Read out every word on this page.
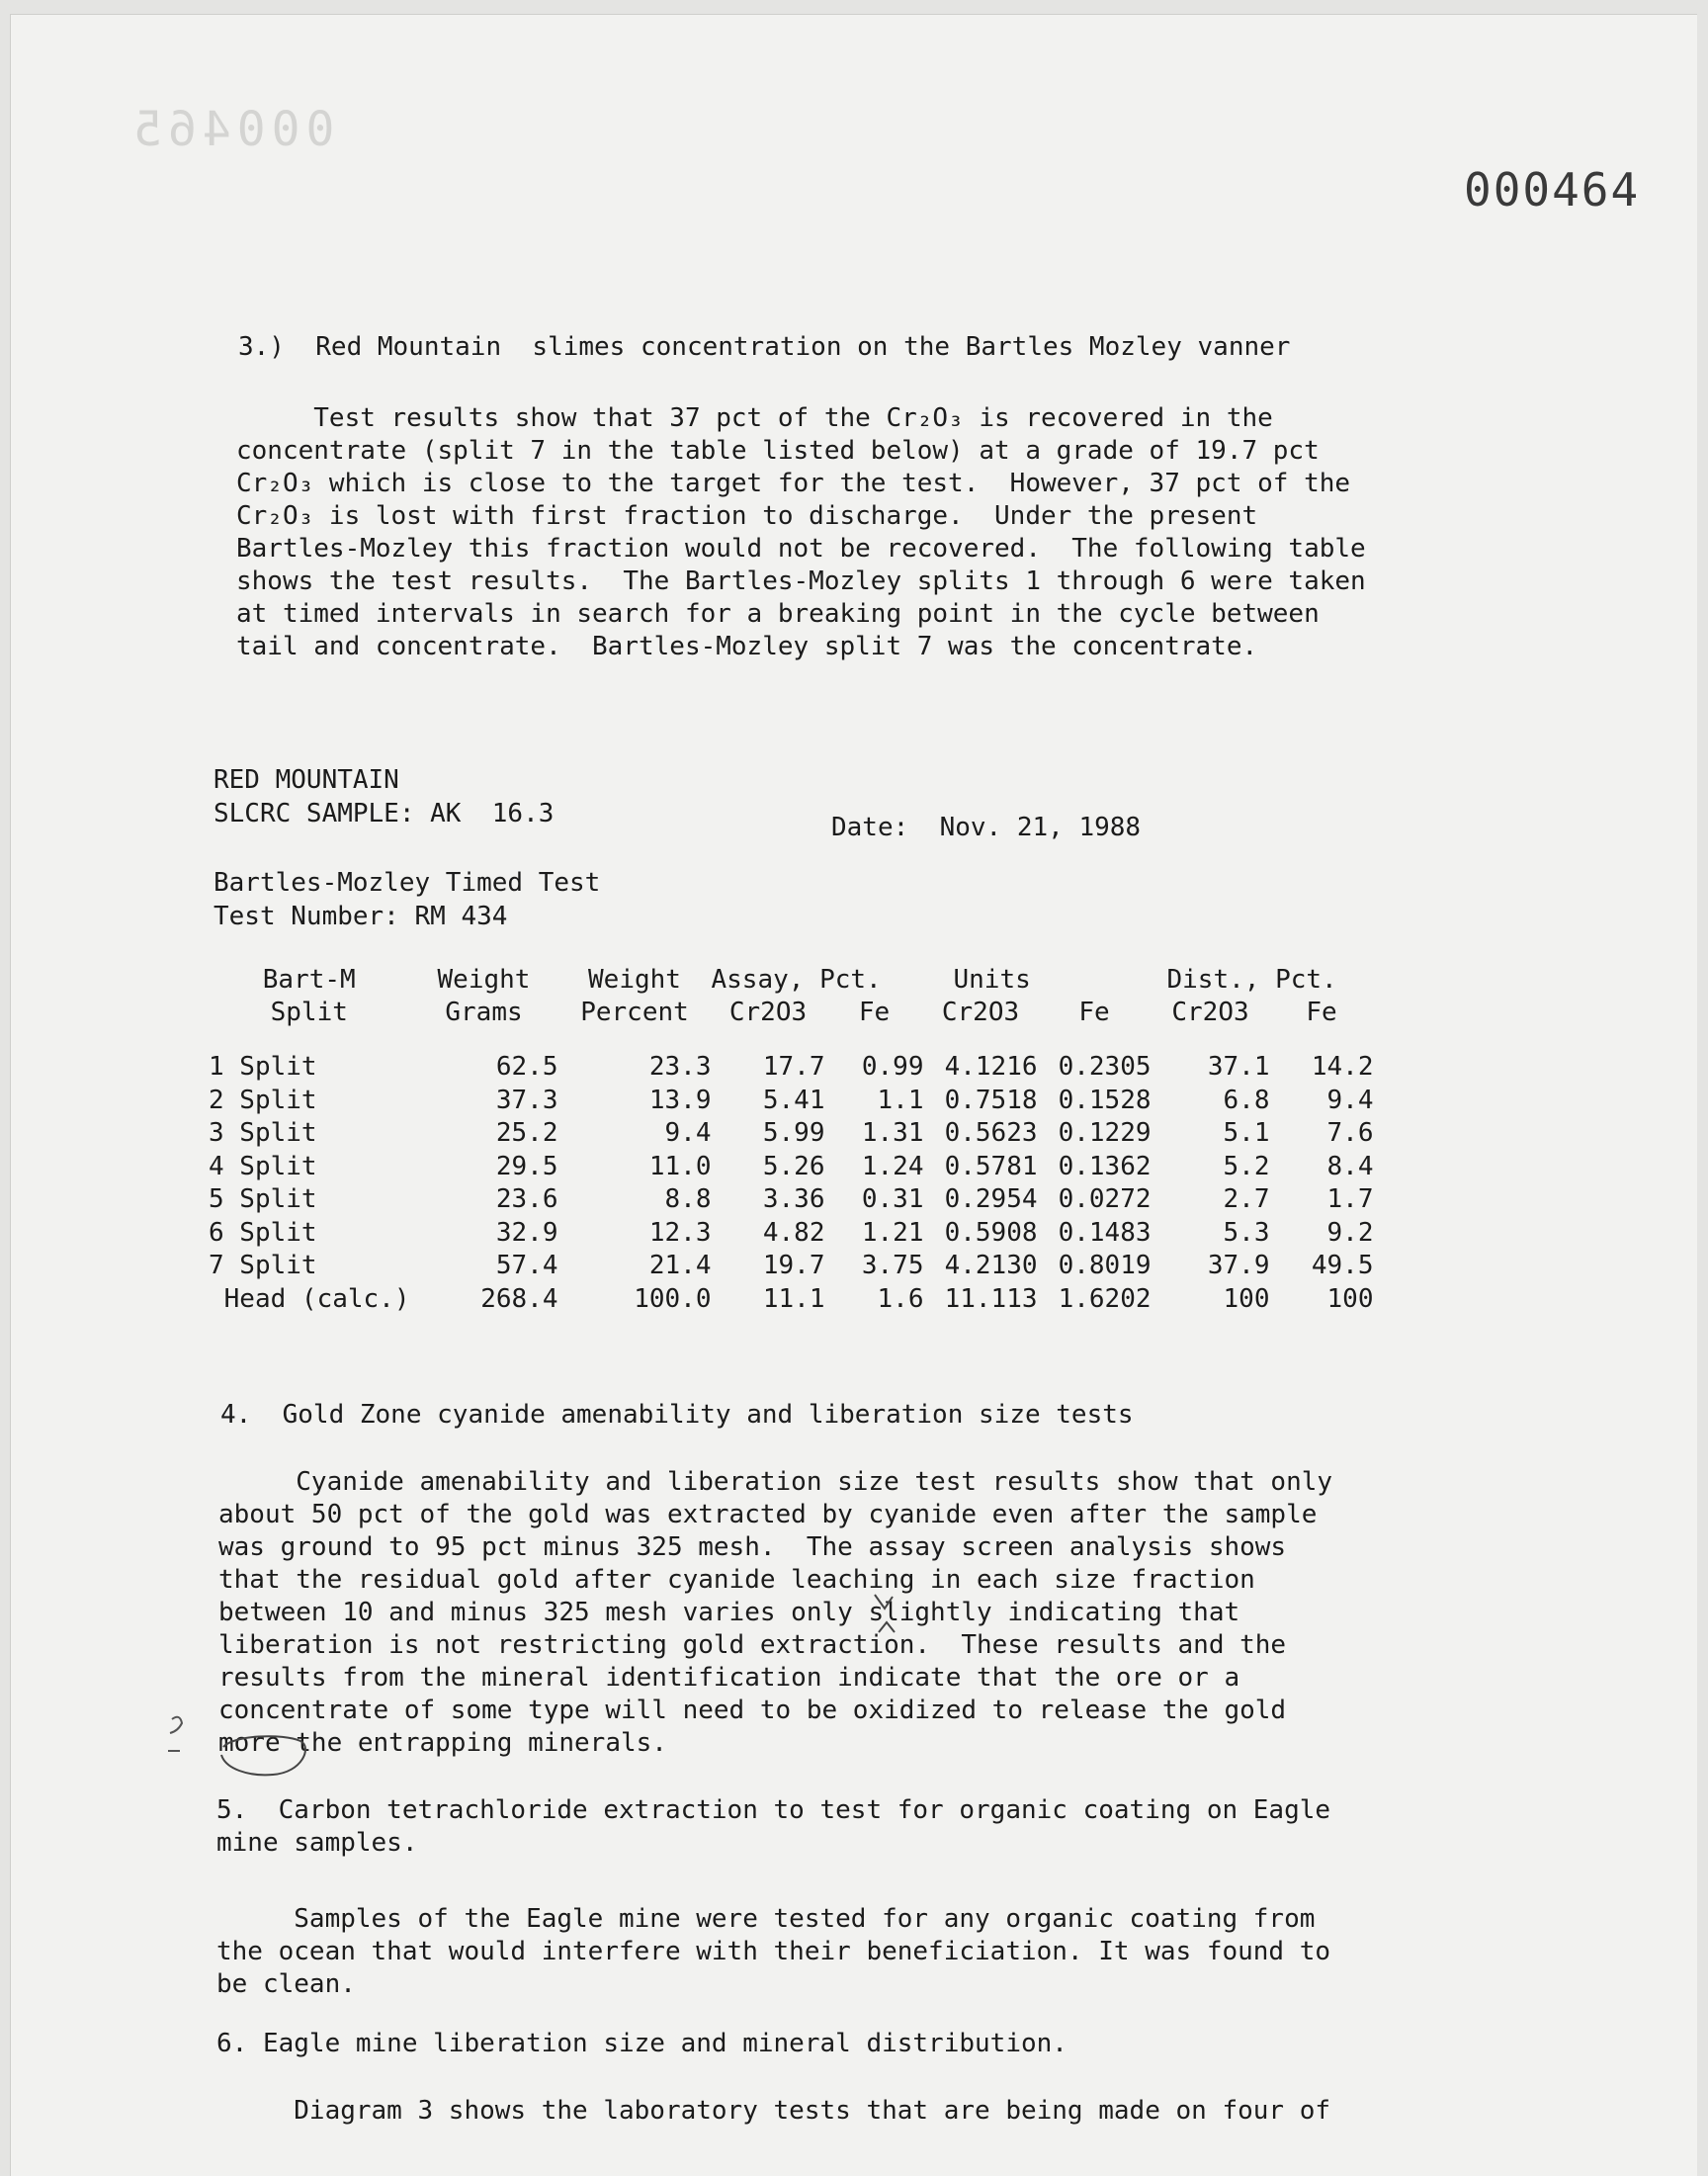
000465
000464
3.)  Red Mountain  slimes concentration on the Bartles Mozley vanner
Test results show that 37 pct of the Cr₂O₃ is recovered in the
concentrate (split 7 in the table listed below) at a grade of 19.7 pct
Cr₂O₃ which is close to the target for the test.  However, 37 pct of the
Cr₂O₃ is lost with first fraction to discharge.  Under the present
Bartles-Mozley this fraction would not be recovered.  The following table
shows the test results.  The Bartles-Mozley splits 1 through 6 were taken
at timed intervals in search for a breaking point in the cycle between
tail and concentrate.  Bartles-Mozley split 7 was the concentrate.
RED MOUNTAIN
SLCRC SAMPLE: AK  16.3	Date:  Nov. 21, 1988
Bartles-Mozley Timed Test
Test Number: RM 434
Bart-M	Weight	Weight	Assay, Pct.		Units		Dist., Pct.	
Split	Grams	Percent	Cr2O3	Fe	Cr2O3	Fe	Cr2O3	Fe

1 Split	62.5	23.3	17.7	0.99	4.1216	0.2305	37.1	14.2
2 Split	37.3	13.9	5.41	1.1	0.7518	0.1528	6.8	9.4
3 Split	25.2	9.4	5.99	1.31	0.5623	0.1229	5.1	7.6
4 Split	29.5	11.0	5.26	1.24	0.5781	0.1362	5.2	8.4
5 Split	23.6	8.8	3.36	0.31	0.2954	0.0272	2.7	1.7
6 Split	32.9	12.3	4.82	1.21	0.5908	0.1483	5.3	9.2
7 Split	57.4	21.4	19.7	3.75	4.2130	0.8019	37.9	49.5
Head (calc.)	268.4	100.0	11.1	1.6	11.113	1.6202	100	100
4.  Gold Zone cyanide amenability and liberation size tests
Cyanide amenability and liberation size test results show that only
about 50 pct of the gold was extracted by cyanide even after the sample
was ground to 95 pct minus 325 mesh.  The assay screen analysis shows
that the residual gold after cyanide leaching in each size fraction
between 10 and minus 325 mesh varies only slightly indicating that
liberation is not restricting gold extraction.  These results and the
results from the mineral identification indicate that the ore or a
concentrate of some type will need to be oxidized to release the gold
more the entrapping minerals.
5.  Carbon tetrachloride extraction to test for organic coating on Eagle
mine samples.
Samples of the Eagle mine were tested for any organic coating from
the ocean that would interfere with their beneficiation. It was found to
be clean.
6. Eagle mine liberation size and mineral distribution.
Diagram 3 shows the laboratory tests that are being made on four of
